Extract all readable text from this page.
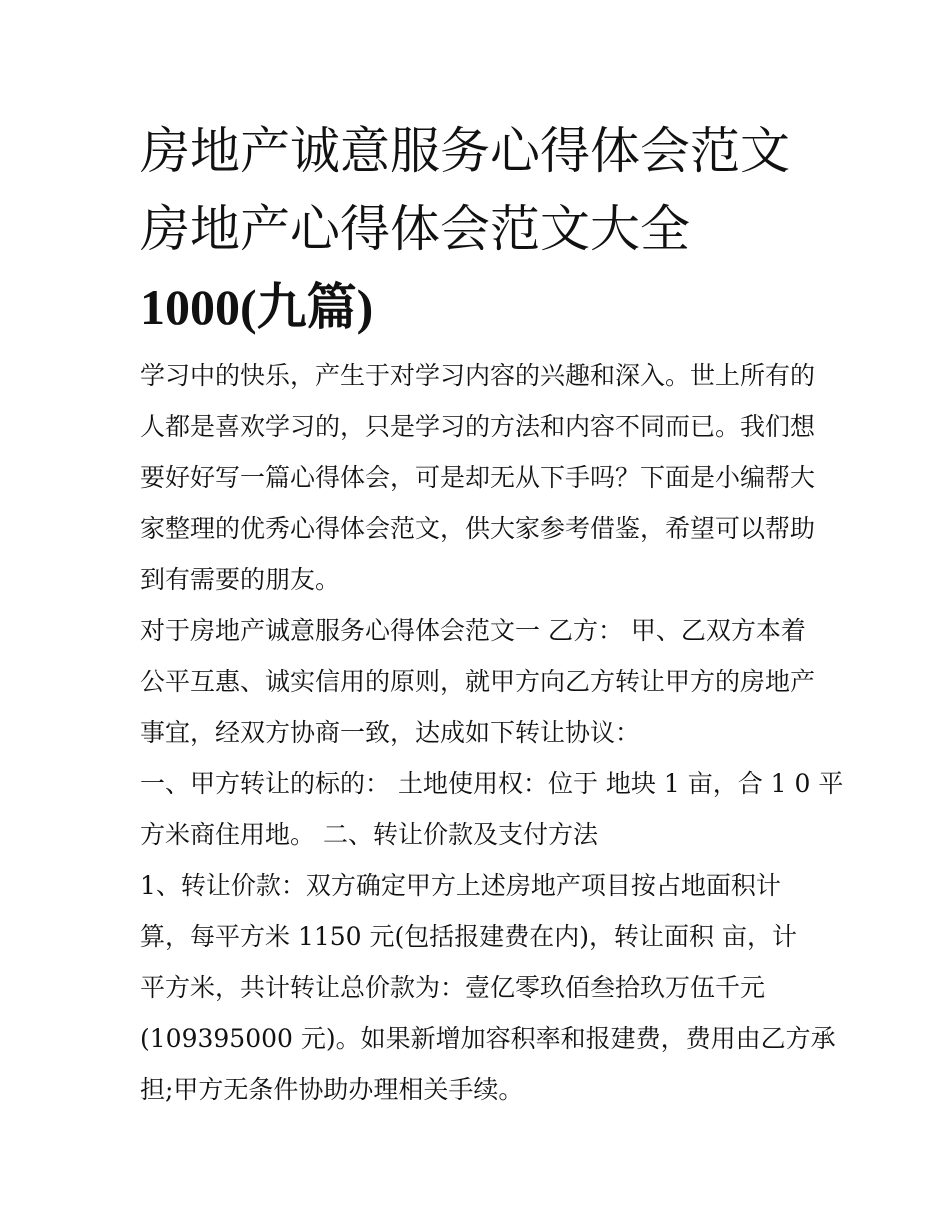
房地产诚意服务心得体会范文
房地产心得体会范文大全
1000(九篇)
学习中的快乐，产生于对学习内容的兴趣和深入。世上所有的
人都是喜欢学习的，只是学习的方法和内容不同而已。我们想
要好好写一篇心得体会，可是却无从下手吗？下面是小编帮大
家整理的优秀心得体会范文，供大家参考借鉴，希望可以帮助
到有需要的朋友。
对于房地产诚意服务心得体会范文一 乙方： 甲、乙双方本着
公平互惠、诚实信用的原则，就甲方向乙方转让甲方的房地产
事宜，经双方协商一致，达成如下转让协议：
一、甲方转让的标的： 土地使用权：位于 地块 1 亩，合 1 0 平
方米商住用地。 二、转让价款及支付方法
1、转让价款：双方确定甲方上述房地产项目按占地面积计
算，每平方米 1150 元(包括报建费在内)，转让面积 亩，计
平方米，共计转让总价款为：壹亿零玖佰叁拾玖万伍千元
(109395000 元)。如果新增加容积率和报建费，费用由乙方承
担;甲方无条件协助办理相关手续。
